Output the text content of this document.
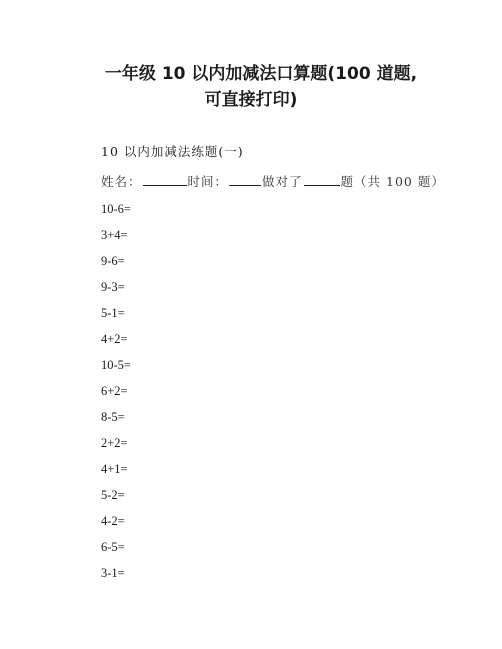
一年级 10 以内加减法口算题(100 道题,
可直接打印)
10 以内加减法练题(一)
姓名：	时间：	做对了	题（共 100 题）
10-6=
3+4=
9-6=
9-3=
5-1=
4+2=
10-5=
6+2=
8-5=
2+2=
4+1=
5-2=
4-2=
6-5=
3-1=
